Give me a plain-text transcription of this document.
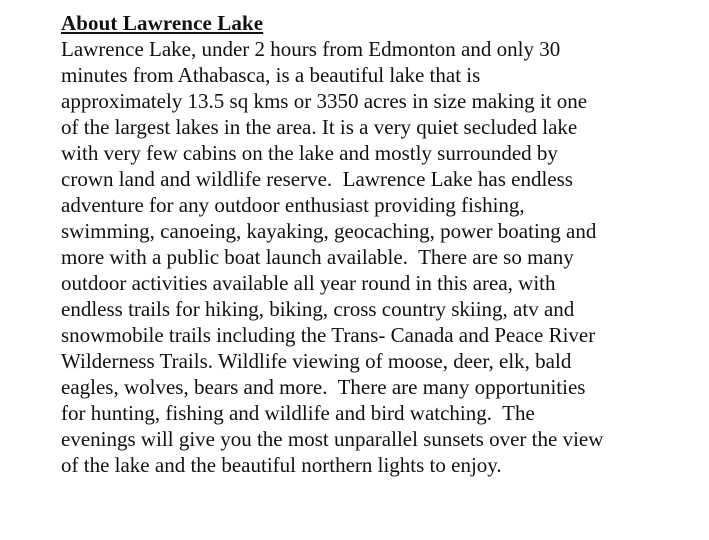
About Lawrence Lake
Lawrence Lake, under 2 hours from Edmonton and only 30
minutes from Athabasca, is a beautiful lake that is
approximately 13.5 sq kms or 3350 acres in size making it one
of the largest lakes in the area. It is a very quiet secluded lake
with very few cabins on the lake and mostly surrounded by
crown land and wildlife reserve.  Lawrence Lake has endless
adventure for any outdoor enthusiast providing fishing,
swimming, canoeing, kayaking, geocaching, power boating and
more with a public boat launch available.  There are so many
outdoor activities available all year round in this area, with
endless trails for hiking, biking, cross country skiing, atv and
snowmobile trails including the Trans- Canada and Peace River
Wilderness Trails. Wildlife viewing of moose, deer, elk, bald
eagles, wolves, bears and more.  There are many opportunities
for hunting, fishing and wildlife and bird watching.  The
evenings will give you the most unparallel sunsets over the view
of the lake and the beautiful northern lights to enjoy.
